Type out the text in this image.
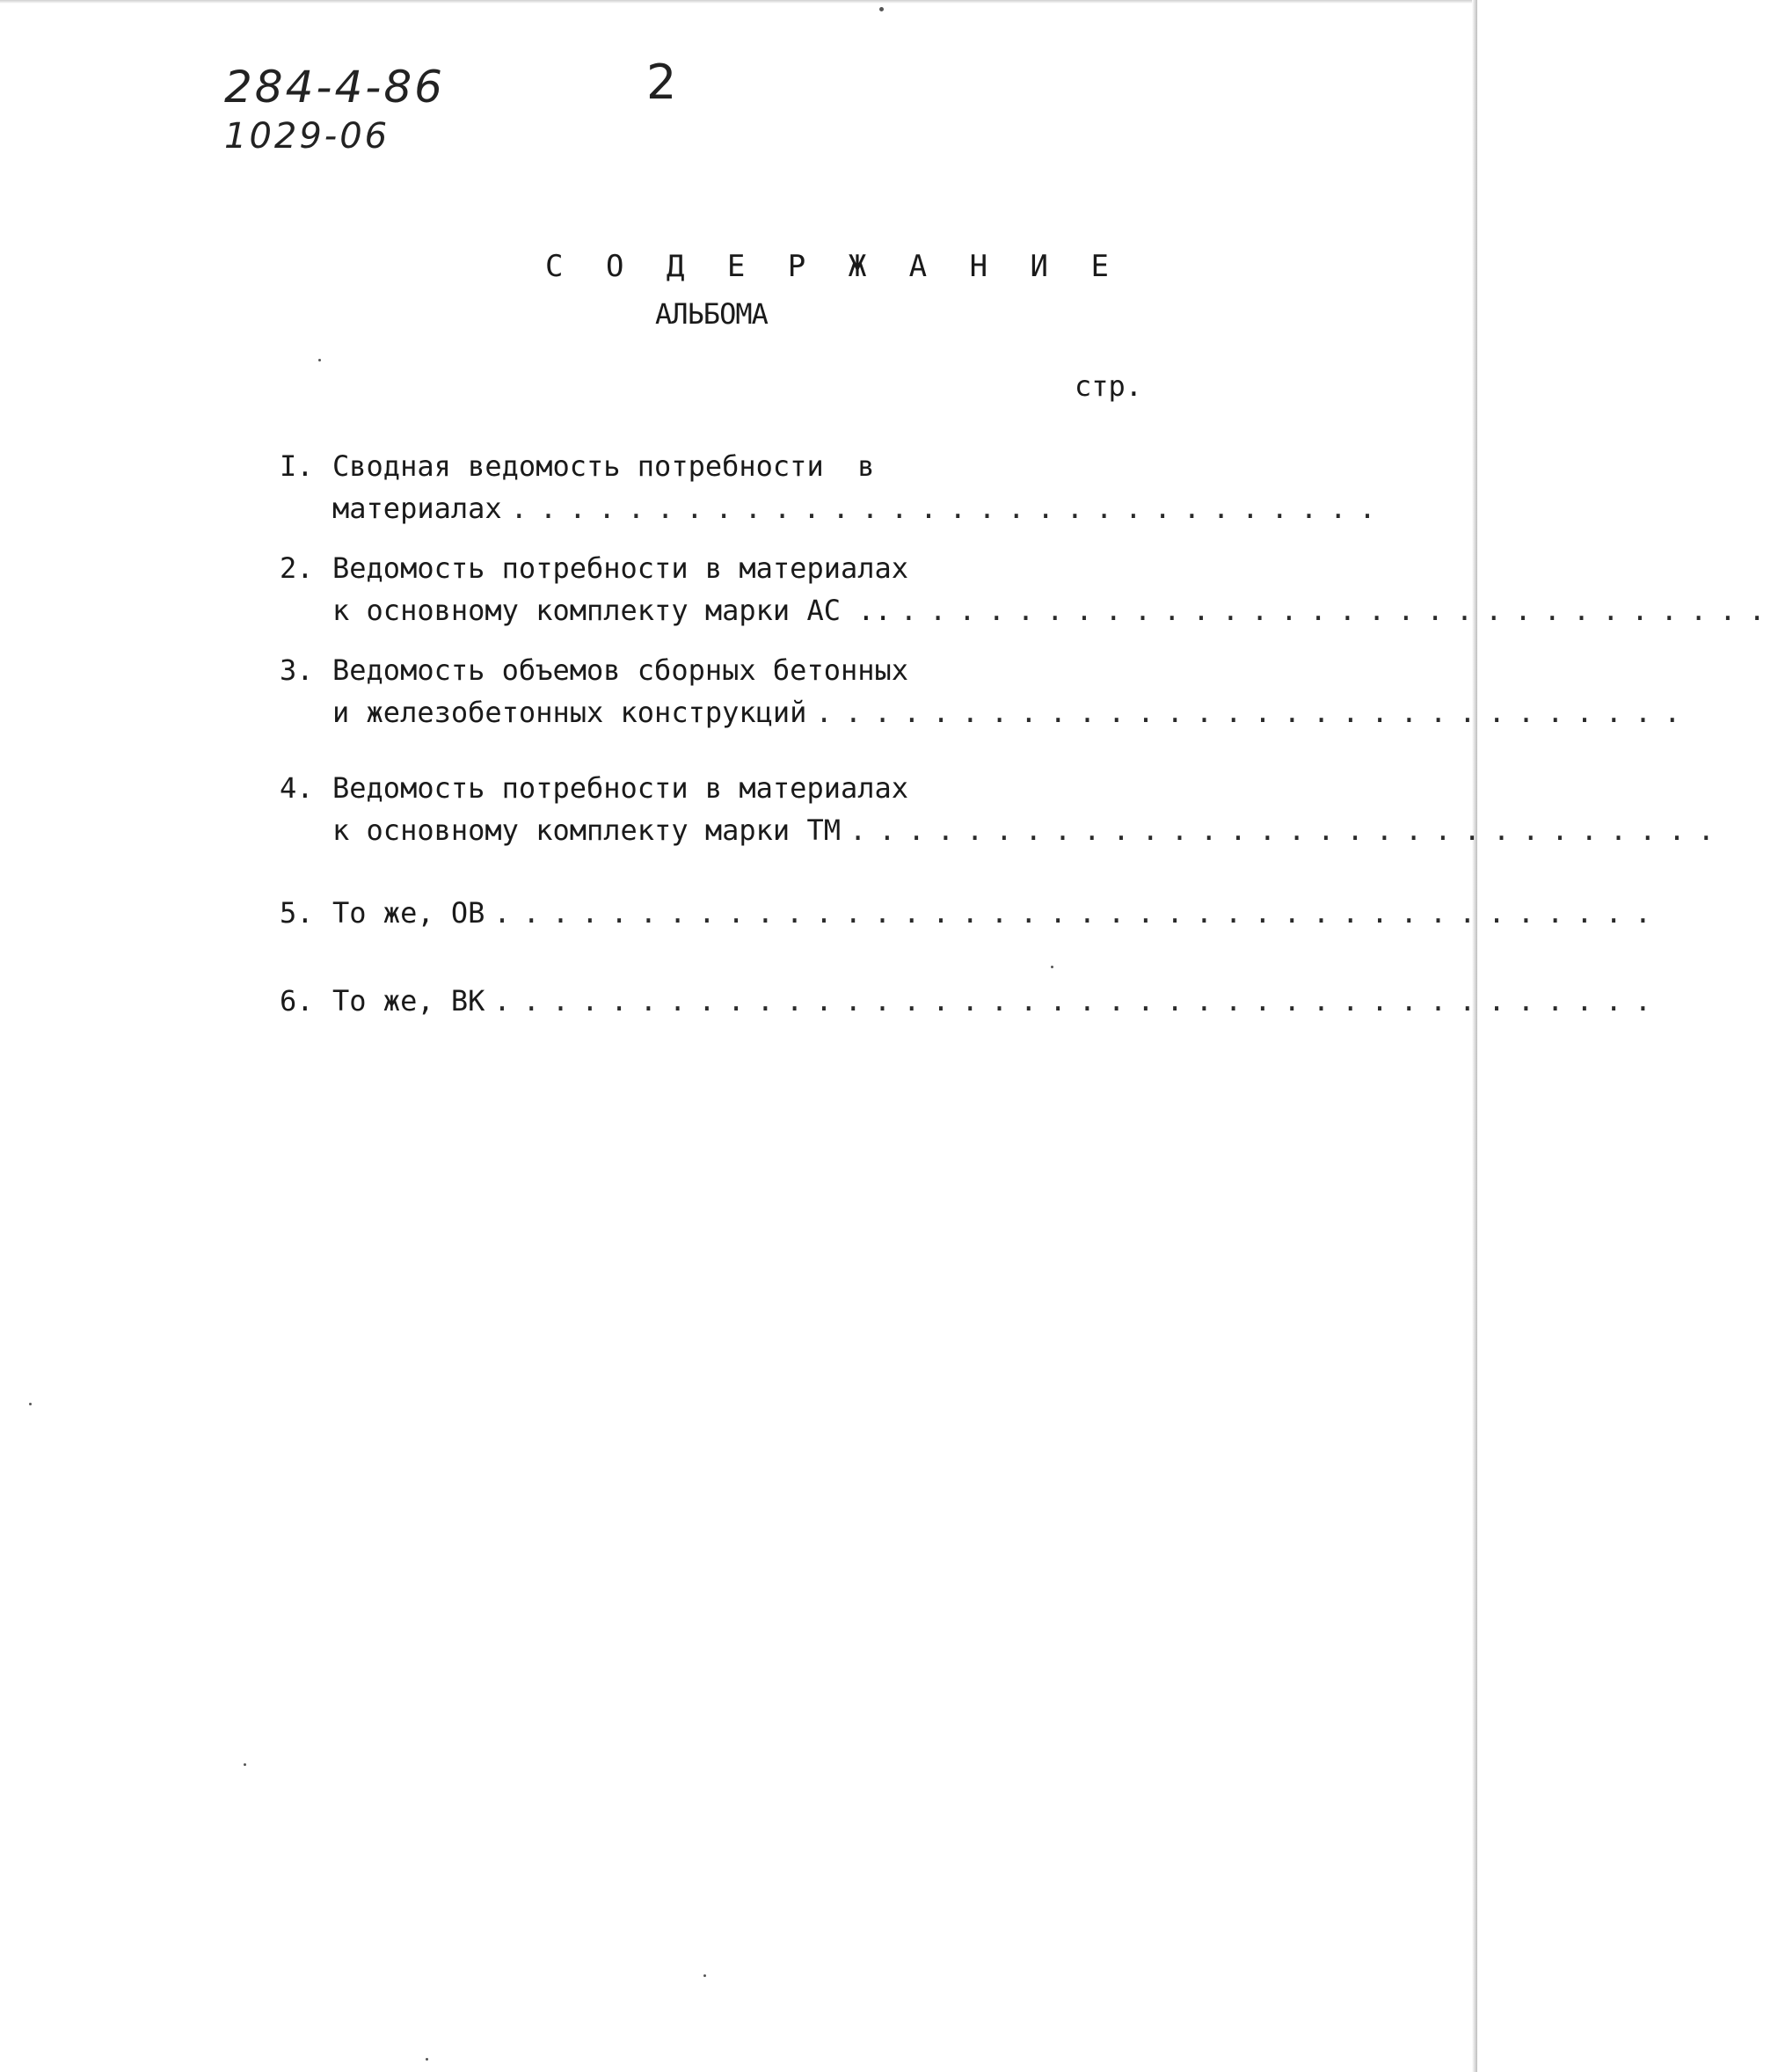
284-4-86
1029-06
2
С О Д Е Р Ж А Н И Е
АЛЬБОМА
стр.
I. Сводная ведомость потребности  в
материалах ..............................
2. Ведомость потребности в материалах
к основному комплекту марки АС .. ..............................
3. Ведомость объемов сборных бетонных
и железобетонных конструкций ..............................
4. Ведомость потребности в материалах
к основному комплекту марки ТМ ..............................
5. То же, ОВ ........................................
6. То же, ВК ........................................
